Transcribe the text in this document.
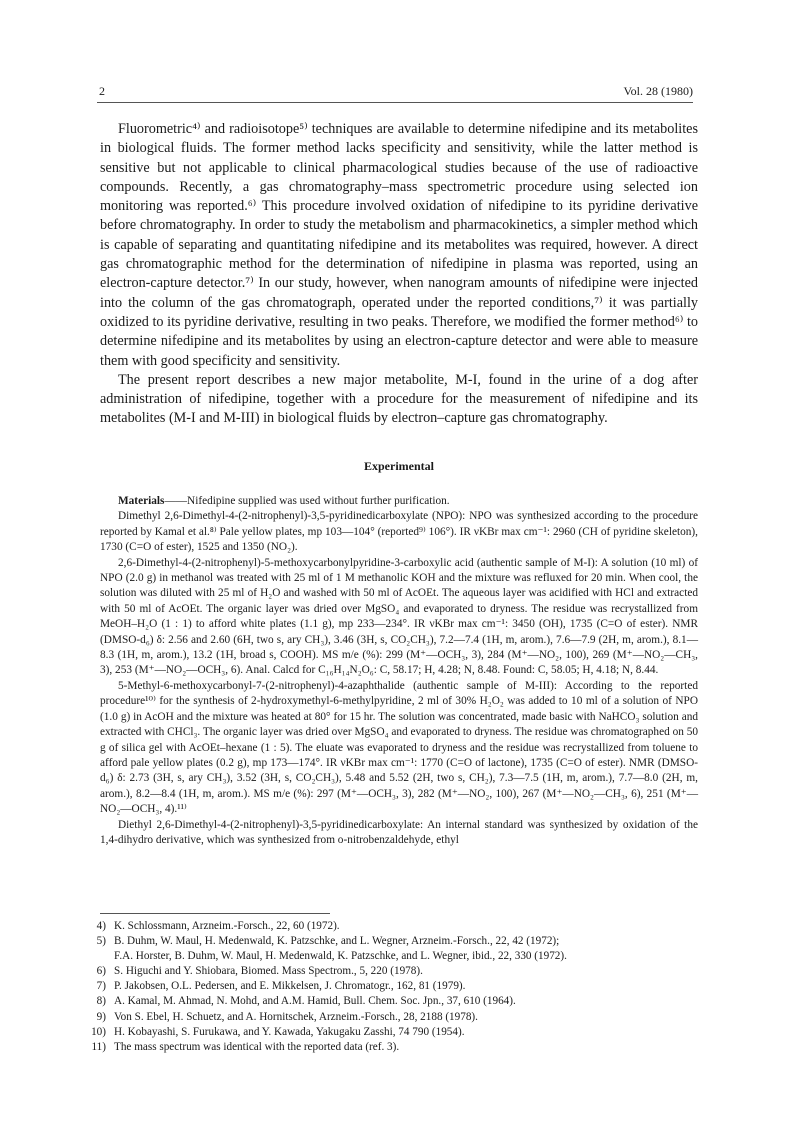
2	Vol. 28 (1980)

Fluorometric⁴⁾ and radioisotope⁵⁾ techniques are available to determine nifedipine and its metabolites in biological fluids. The former method lacks specificity and sensitivity, while the latter method is sensitive but not applicable to clinical pharmacological studies because of the use of radioactive compounds. Recently, a gas chromatography–mass spectrometric procedure using selected ion monitoring was reported.⁶⁾ This procedure involved oxidation of nifedipine to its pyridine derivative before chromatography. In order to study the metabolism and pharmacokinetics, a simpler method which is capable of separating and quantitating nifedipine and its metabolites was required, however. A direct gas chromatographic method for the determination of nifedipine in plasma was reported, using an electron-capture detector.⁷⁾ In our study, however, when nanogram amounts of nifedipine were injected into the column of the gas chromatograph, operated under the reported conditions,⁷⁾ it was partially oxidized to its pyridine derivative, resulting in two peaks. Therefore, we modified the former method⁶⁾ to determine nifedipine and its metabolites by using an electron-capture detector and were able to measure them with good specificity and sensitivity.

The present report describes a new major metabolite, M-I, found in the urine of a dog after administration of nifedipine, together with a procedure for the measurement of nifedipine and its metabolites (M-I and M-III) in biological fluids by electron–capture gas chromatography.

Experimental

Materials——Nifedipine supplied was used without further purification.

Dimethyl 2,6-Dimethyl-4-(2-nitrophenyl)-3,5-pyridinedicarboxylate (NPO): NPO was synthesized according to the procedure reported by Kamal et al.⁸⁾ Pale yellow plates, mp 103—104° (reported⁹⁾ 106°). IR νKBr max cm⁻¹: 2960 (CH of pyridine skeleton), 1730 (C=O of ester), 1525 and 1350 (NO₂).

2,6-Dimethyl-4-(2-nitrophenyl)-5-methoxycarbonylpyridine-3-carboxylic acid (authentic sample of M-I): A solution (10 ml) of NPO (2.0 g) in methanol was treated with 25 ml of 1 M methanolic KOH and the mixture was refluxed for 20 min. When cool, the solution was diluted with 25 ml of H₂O and washed with 50 ml of AcOEt. The aqueous layer was acidified with HCl and extracted with 50 ml of AcOEt. The organic layer was dried over MgSO₄ and evaporated to dryness. The residue was recrystallized from MeOH–H₂O (1 : 1) to afford white plates (1.1 g), mp 233—234°. IR νKBr max cm⁻¹: 3450 (OH), 1735 (C=O of ester). NMR (DMSO-d₆) δ: 2.56 and 2.60 (6H, two s, ary CH₃), 3.46 (3H, s, CO₂CH₃), 7.2—7.4 (1H, m, arom.), 7.6—7.9 (2H, m, arom.), 8.1—8.3 (1H, m, arom.), 13.2 (1H, broad s, COOH). MS m/e (%): 299 (M⁺—OCH₃, 3), 284 (M⁺—NO₂, 100), 269 (M⁺—NO₂—CH₃, 3), 253 (M⁺—NO₂—OCH₃, 6). Anal. Calcd for C₁₆H₁₄N₂O₆: C, 58.17; H, 4.28; N, 8.48. Found: C, 58.05; H, 4.18; N, 8.44.

5-Methyl-6-methoxycarbonyl-7-(2-nitrophenyl)-4-azaphthalide (authentic sample of M-III): According to the reported procedure¹⁰⁾ for the synthesis of 2-hydroxymethyl-6-methylpyridine, 2 ml of 30% H₂O₂ was added to 10 ml of a solution of NPO (1.0 g) in AcOH and the mixture was heated at 80° for 15 hr. The solution was concentrated, made basic with NaHCO₃ solution and extracted with CHCl₃. The organic layer was dried over MgSO₄ and evaporated to dryness. The residue was chromatographed on 50 g of silica gel with AcOEt–hexane (1 : 5). The eluate was evaporated to dryness and the residue was recrystallized from toluene to afford pale yellow plates (0.2 g), mp 173—174°. IR νKBr max cm⁻¹: 1770 (C=O of lactone), 1735 (C=O of ester). NMR (DMSO-d₆) δ: 2.73 (3H, s, ary CH₃), 3.52 (3H, s, CO₂CH₃), 5.48 and 5.52 (2H, two s, CH₂), 7.3—7.5 (1H, m, arom.), 7.7—8.0 (2H, m, arom.), 8.2—8.4 (1H, m, arom.). MS m/e (%): 297 (M⁺—OCH₃, 3), 282 (M⁺—NO₂, 100), 267 (M⁺—NO₂—CH₃, 6), 251 (M⁺—NO₂—OCH₃, 4).¹¹⁾

Diethyl 2,6-Dimethyl-4-(2-nitrophenyl)-3,5-pyridinedicarboxylate: An internal standard was synthesized by oxidation of the 1,4-dihydro derivative, which was synthesized from o-nitrobenzaldehyde, ethyl

4) K. Schlossmann, Arzneim.-Forsch., 22, 60 (1972).
5) B. Duhm, W. Maul, H. Medenwald, K. Patzschke, and L. Wegner, Arzneim.-Forsch., 22, 42 (1972);
F.A. Horster, B. Duhm, W. Maul, H. Medenwald, K. Patzschke, and L. Wegner, ibid., 22, 330 (1972).
6) S. Higuchi and Y. Shiobara, Biomed. Mass Spectrom., 5, 220 (1978).
7) P. Jakobsen, O.L. Pedersen, and E. Mikkelsen, J. Chromatogr., 162, 81 (1979).
8) A. Kamal, M. Ahmad, N. Mohd, and A.M. Hamid, Bull. Chem. Soc. Jpn., 37, 610 (1964).
9) Von S. Ebel, H. Schuetz, and A. Hornitschek, Arzneim.-Forsch., 28, 2188 (1978).
10) H. Kobayashi, S. Furukawa, and Y. Kawada, Yakugaku Zasshi, 74 790 (1954).
11) The mass spectrum was identical with the reported data (ref. 3).
